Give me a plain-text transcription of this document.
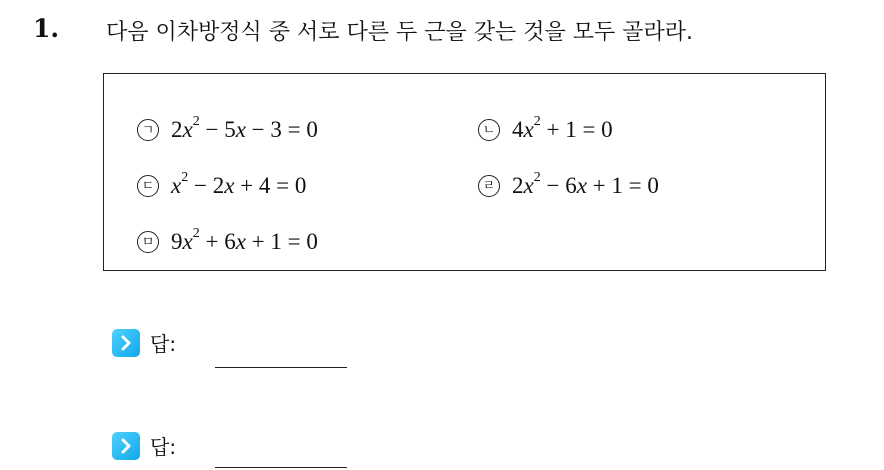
1. 다음 이차방정식 중 서로 다른 두 근을 갖는 것을 모두 골라라.
ㄱ $2x^2 - 5x - 3 = 0$	ㄴ $4x^2 + 1 = 0$
ㄷ $x^2 - 2x + 4 = 0$	ㄹ $2x^2 - 6x + 1 = 0$
ㅁ $9x^2 + 6x + 1 = 0$
답:
답:
